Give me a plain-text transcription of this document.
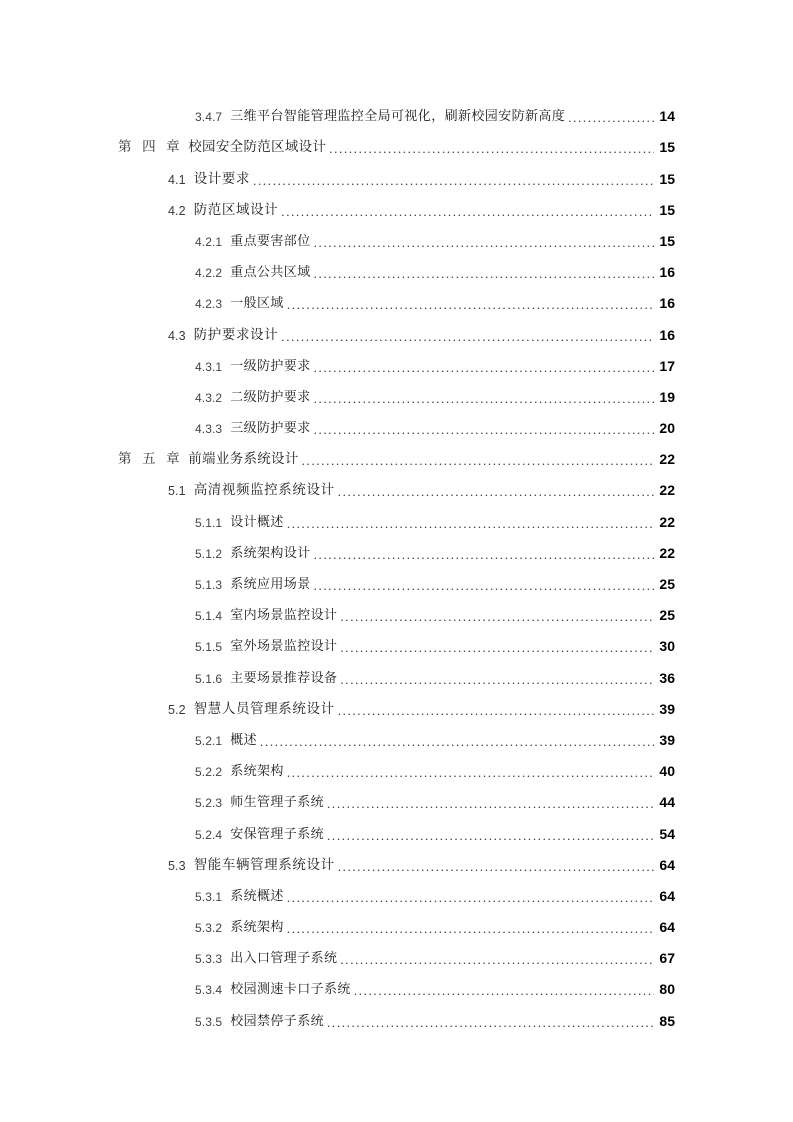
3.4.7 三维平台智能管理监控全局可视化，刷新校园安防新高度 . . .	14
第 四 章 校园安全防范区域设计 . . .	15
4.1 设计要求 . . .	15
4.2 防范区域设计 . . .	15
4.2.1 重点要害部位 . . .	15
4.2.2 重点公共区域 . . .	16
4.2.3 一般区域 . . .	16
4.3 防护要求设计 . . .	16
4.3.1 一级防护要求 . . .	17
4.3.2 二级防护要求 . . .	19
4.3.3 三级防护要求 . . .	20
第 五 章 前端业务系统设计 . . .	22
5.1 高清视频监控系统设计 . . .	22
5.1.1 设计概述 . . .	22
5.1.2 系统架构设计 . . .	22
5.1.3 系统应用场景 . . .	25
5.1.4 室内场景监控设计 . . .	25
5.1.5 室外场景监控设计 . . .	30
5.1.6 主要场景推荐设备 . . .	36
5.2 智慧人员管理系统设计 . . .	39
5.2.1 概述 . . .	39
5.2.2 系统架构 . . .	40
5.2.3 师生管理子系统 . . .	44
5.2.4 安保管理子系统 . . .	54
5.3 智能车辆管理系统设计 . . .	64
5.3.1 系统概述 . . .	64
5.3.2 系统架构 . . .	64
5.3.3 出入口管理子系统 . . .	67
5.3.4 校园测速卡口子系统 . . .	80
5.3.5 校园禁停子系统 . . .	85
